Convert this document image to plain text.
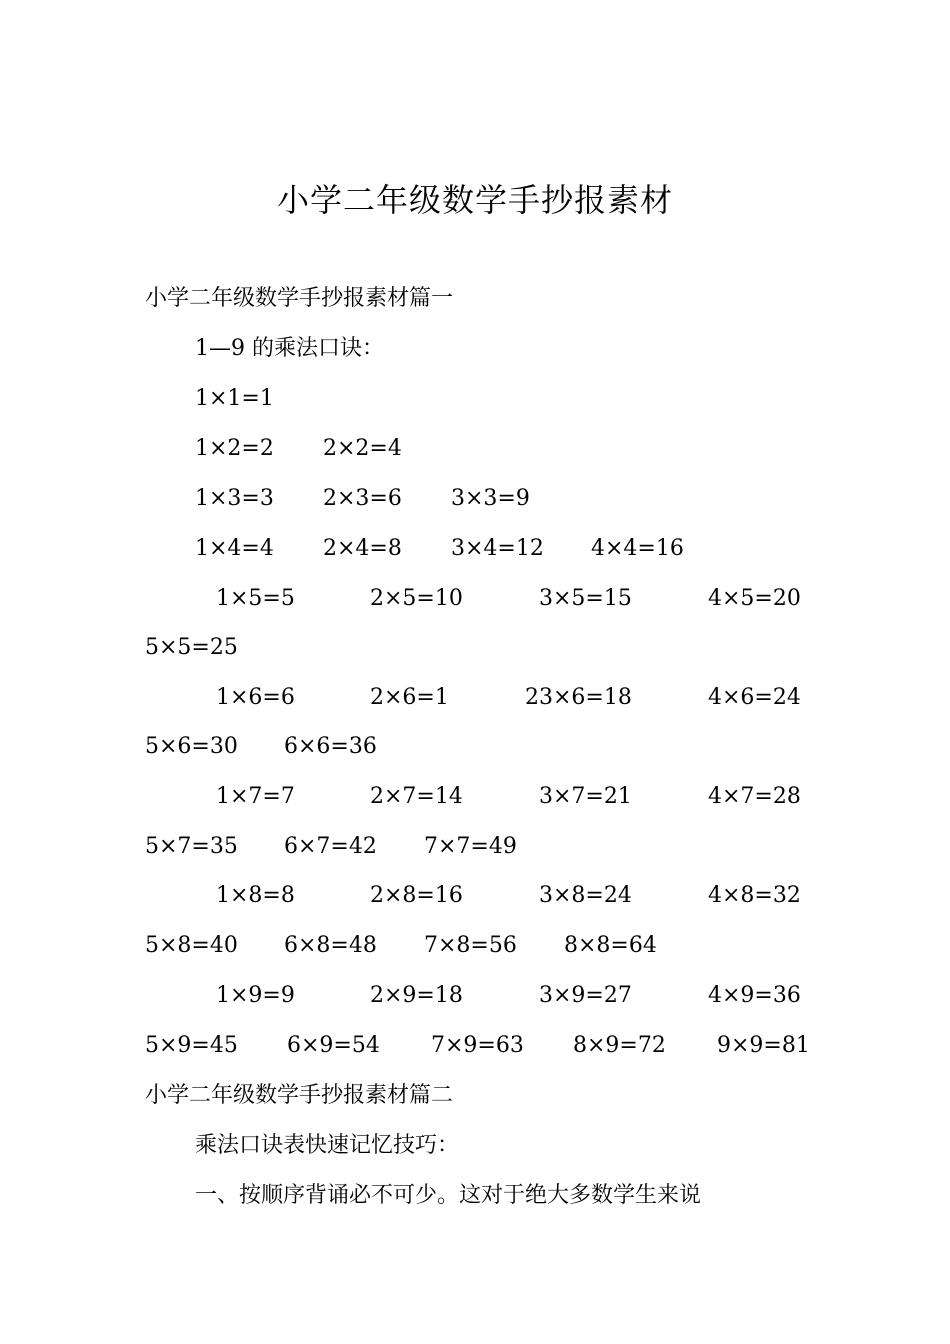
小学二年级数学手抄报素材
小学二年级数学手抄报素材篇一
1—9 的乘法口诀：
1×1=1
1×2=2 2×2=4
1×3=3 2×3=6 3×3=9
1×4=4 2×4=8 3×4=12 4×4=16
1×5=5	2×5=10	3×5=15	4×5=20
5×5=25
1×6=6	2×6=1	23×6=18	4×6=24
5×6=30 6×6=36
1×7=7	2×7=14	3×7=21	4×7=28
5×7=35 6×7=42 7×7=49
1×8=8	2×8=16	3×8=24	4×8=32
5×8=40 6×8=48 7×8=56 8×8=64
1×9=9	2×9=18	3×9=27	4×9=36
5×9=45 6×9=54 7×9=63 8×9=72 9×9=81
小学二年级数学手抄报素材篇二
乘法口诀表快速记忆技巧：
一、按顺序背诵必不可少。这对于绝大多数学生来说
